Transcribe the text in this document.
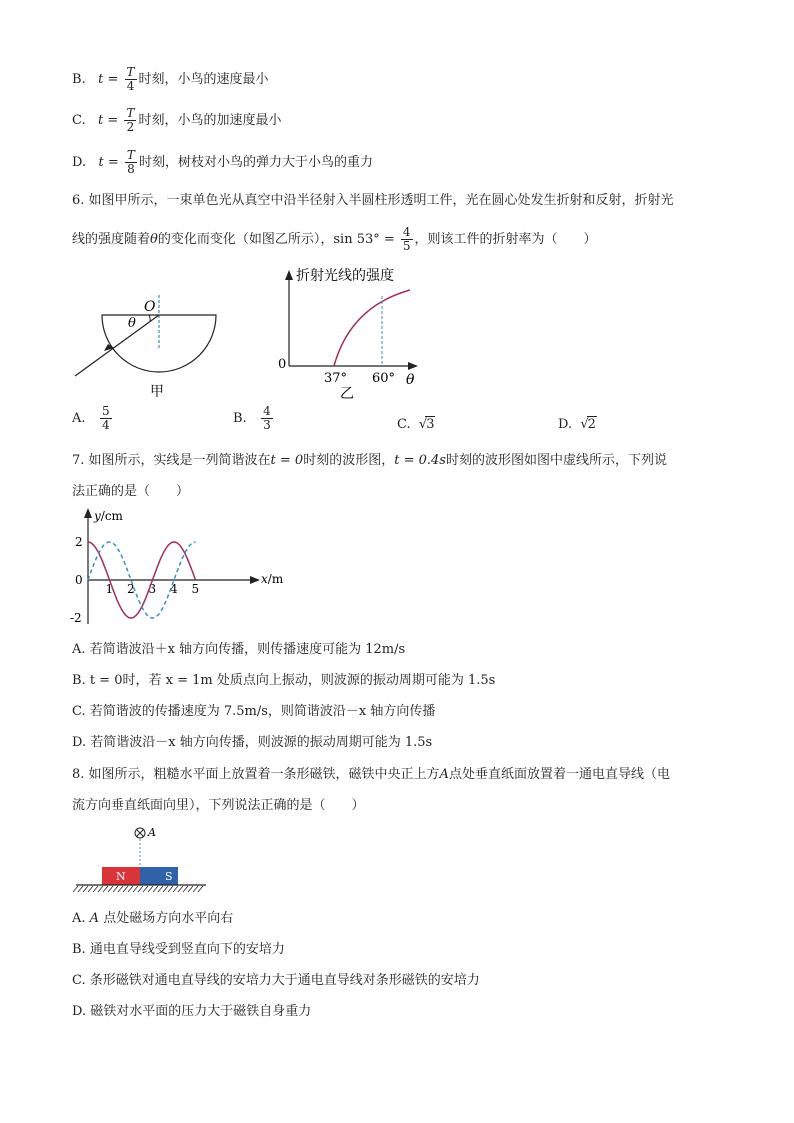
B. $t = \frac{T}{4}$ 时刻，小鸟的速度最小
C. $t = \frac{T}{2}$ 时刻，小鸟的加速度最小
D. $t = \frac{T}{8}$ 时刻，树枝对小鸟的弹力大于小鸟的重力
6. 如图甲所示，一束单色光从真空中沿半径射入半圆柱形透明工件，光在圆心处发生折射和反射，折射光
线的强度随着θ的变化而变化（如图乙所示），$\sin 53^\circ = \frac{4}{5}$ ，则该工件的折射率为（　　）
O
θ
甲
折射光线的强度
0
37° 60° θ
乙
A. $\frac{5}{4}$	B. $\frac{4}{3}$	C. √3	D. √2
7. 如图所示，实线是一列简谐波在t = 0时刻的波形图，t = 0.4s时刻的波形图如图中虚线所示，下列说
法正确的是（　　）
y/cm
x/m
2
0
-2
1 2 3 4 5
A. 若简谐波沿＋x 轴方向传播，则传播速度可能为 12m/s
B. t = 0时，若 x = 1m 处质点向上振动，则波源的振动周期可能为 1.5s
C. 若简谐波的传播速度为 7.5m/s，则简谐波沿－x 轴方向传播
D. 若简谐波沿－x 轴方向传播，则波源的振动周期可能为 1.5s
8. 如图所示，粗糙水平面上放置着一条形磁铁，磁铁中央正上方A点处垂直纸面放置着一通电直导线（电
流方向垂直纸面向里），下列说法正确的是（　　）
A
N	S
A. A 点处磁场方向水平向右
B. 通电直导线受到竖直向下的安培力
C. 条形磁铁对通电直导线的安培力大于通电直导线对条形磁铁的安培力
D. 磁铁对水平面的压力大于磁铁自身重力
